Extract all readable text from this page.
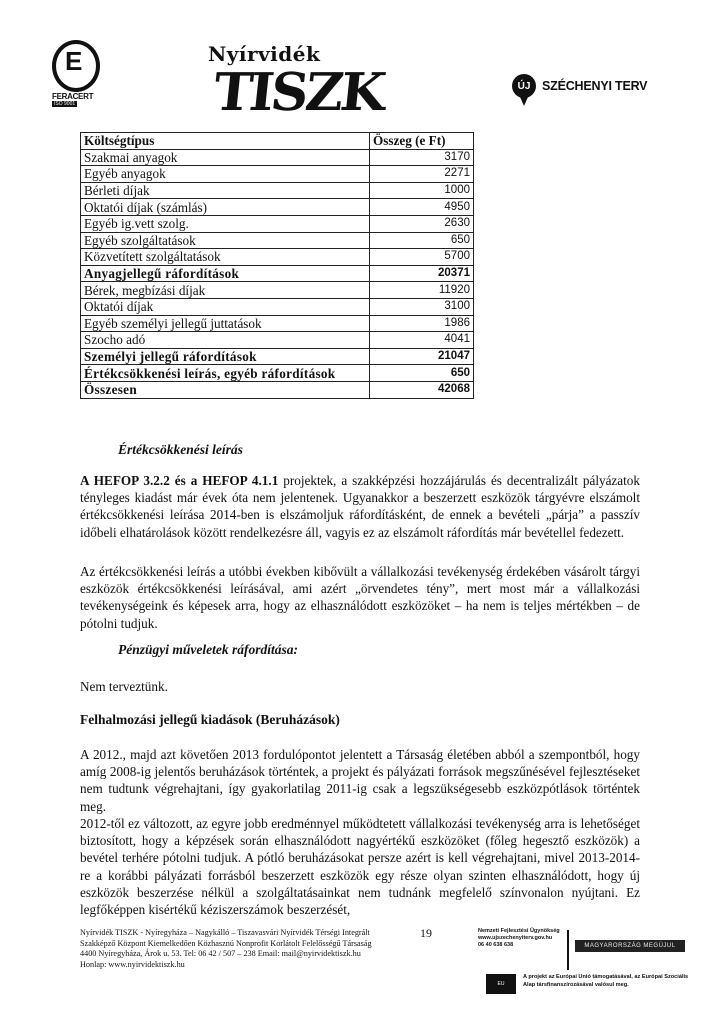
E
FERACERT
ISO 9001
Nyírvidék
TISZK	ÚJ SZÉCHENYI TERV
Költségtípus	Összeg (e Ft)
Szakmai anyagok	3170
Egyéb anyagok	2271
Bérleti díjak	1000
Oktatói díjak (számlás)	4950
Egyéb ig.vett szolg.	2630
Egyéb szolgáltatások	650
Közvetített szolgáltatások	5700
Anyagjellegű ráfordítások	20371
Bérek, megbízási díjak	11920
Oktatói díjak	3100
Egyéb személyi jellegű juttatások	1986
Szocho adó	4041
Személyi jellegű ráfordítások	21047
Értékcsökkenési leírás, egyéb ráfordítások	650
Összesen	42068
Értékcsökkenési leírás
A HEFOP 3.2.2 és a HEFOP 4.1.1 projektek, a szakképzési hozzájárulás és decentralizált pályázatok tényleges kiadást már évek óta nem jelentenek. Ugyanakkor a beszerzett eszközök tárgyévre elszámolt értékcsökkenési leírása 2014-ben is elszámoljuk ráfordításként, de ennek a bevételi „párja” a passzív időbeli elhatárolások között rendelkezésre áll, vagyis ez az elszámolt ráfordítás már bevétellel fedezett.
Az értékcsökkenési leírás a utóbbi években kibővült a vállalkozási tevékenység érdekében vásárolt tárgyi eszközök értékcsökkenési leírásával, ami azért „örvendetes tény”, mert most már a vállalkozási tevékenységeink és képesek arra, hogy az elhasználódott eszközöket – ha nem is teljes mértékben – de pótolni tudjuk.
Pénzügyi műveletek ráfordítása:
Nem terveztünk.
Felhalmozási jellegű kiadások (Beruházások)
A 2012., majd azt követően 2013 fordulópontot jelentett a Társaság életében abból a szempontból, hogy amíg 2008-ig jelentős beruházások történtek, a projekt és pályázati források megszűnésével fejlesztéseket nem tudtunk végrehajtani, így gyakorlatilag 2011-ig csak a legszükségesebb eszközpótlások történtek meg.
2012-től ez változott, az egyre jobb eredménnyel működtetett vállalkozási tevékenység arra is lehetőséget biztosított, hogy a képzések során elhasználódott nagyértékű eszközöket (főleg hegesztő eszközök) a bevétel terhére pótolni tudjuk. A pótló beruházásokat persze azért is kell végrehajtani, mivel 2013-2014-re a korábbi pályázati forrásból beszerzett eszközök egy része olyan szinten elhasználódott, hogy új eszközök beszerzése nélkül a szolgáltatásainkat nem tudnánk megfelelő színvonalon nyújtani. Ez legfőképpen kisértékű kéziszerszámok beszerzését,
Nyírvidék TISZK - Nyíregyháza – Nagykálló – Tiszavasvári Nyírvidék Térségi Integrált
Szakképző Központ Kiemelkedően Közhasznú Nonprofit Korlátolt Felelősségű Társaság
4400 Nyíregyháza, Árok u. 53. Tel: 06 42 / 507 – 238 Email: mail@nyirvidektiszk.hu
Honlap: www.nyirvidektiszk.hu
19	Nemzeti Fejlesztési Ügynökség
www.ujszechenyiterv.gov.hu
06 40 638 638	MAGYARORSZÁG MEGÚJUL
EU
A projekt az Európai Unió támogatásával, az Európai Szociális Alap társfinanszírozásával valósul meg.
